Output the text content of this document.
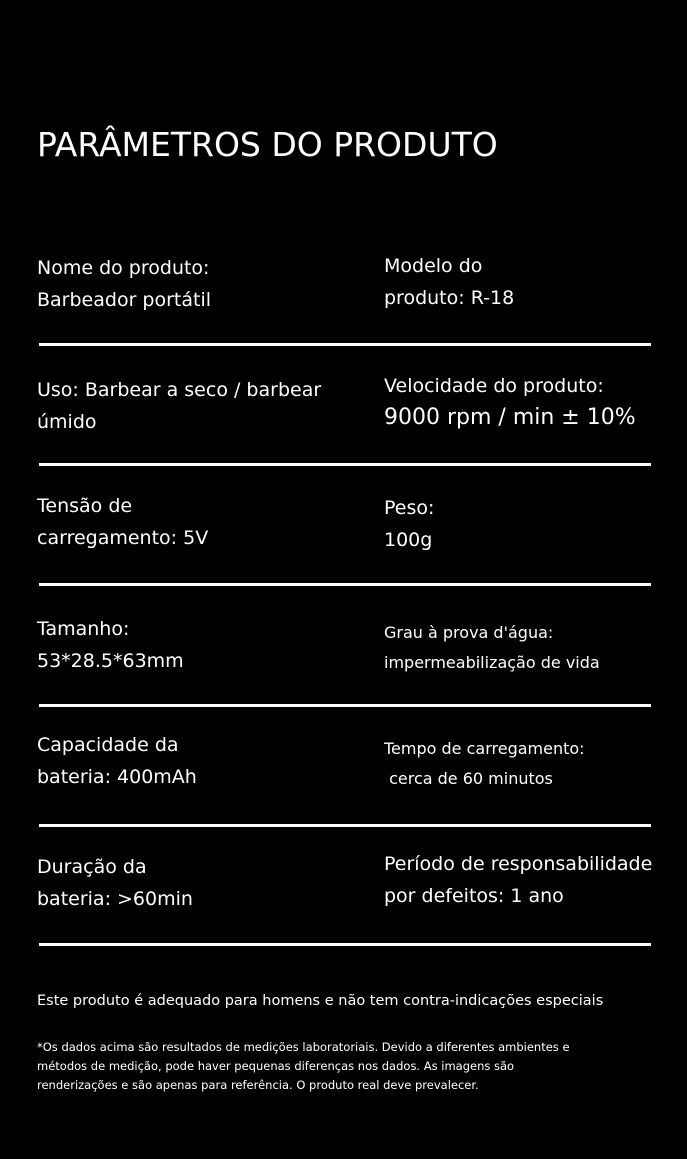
PARÂMETROS DO PRODUTO
Nome do produto:
Barbeador portátil
Modelo do
produto: R-18
Uso: Barbear a seco / barbear
úmido
Velocidade do produto:
9000 rpm / min ± 10%
Tensão de
carregamento: 5V
Peso:
100g
Tamanho:
53*28.5*63mm
Grau à prova d'água:
impermeabilização de vida
Capacidade da
bateria: 400mAh
Tempo de carregamento:
cerca de 60 minutos
Duração da
bateria: >60min
Período de responsabilidade
por defeitos: 1 ano
Este produto é adequado para homens e não tem contra-indicações especiais
*Os dados acima são resultados de medições laboratoriais. Devido a diferentes ambientes e
métodos de medição, pode haver pequenas diferenças nos dados. As imagens são
renderizações e são apenas para referência. O produto real deve prevalecer.
